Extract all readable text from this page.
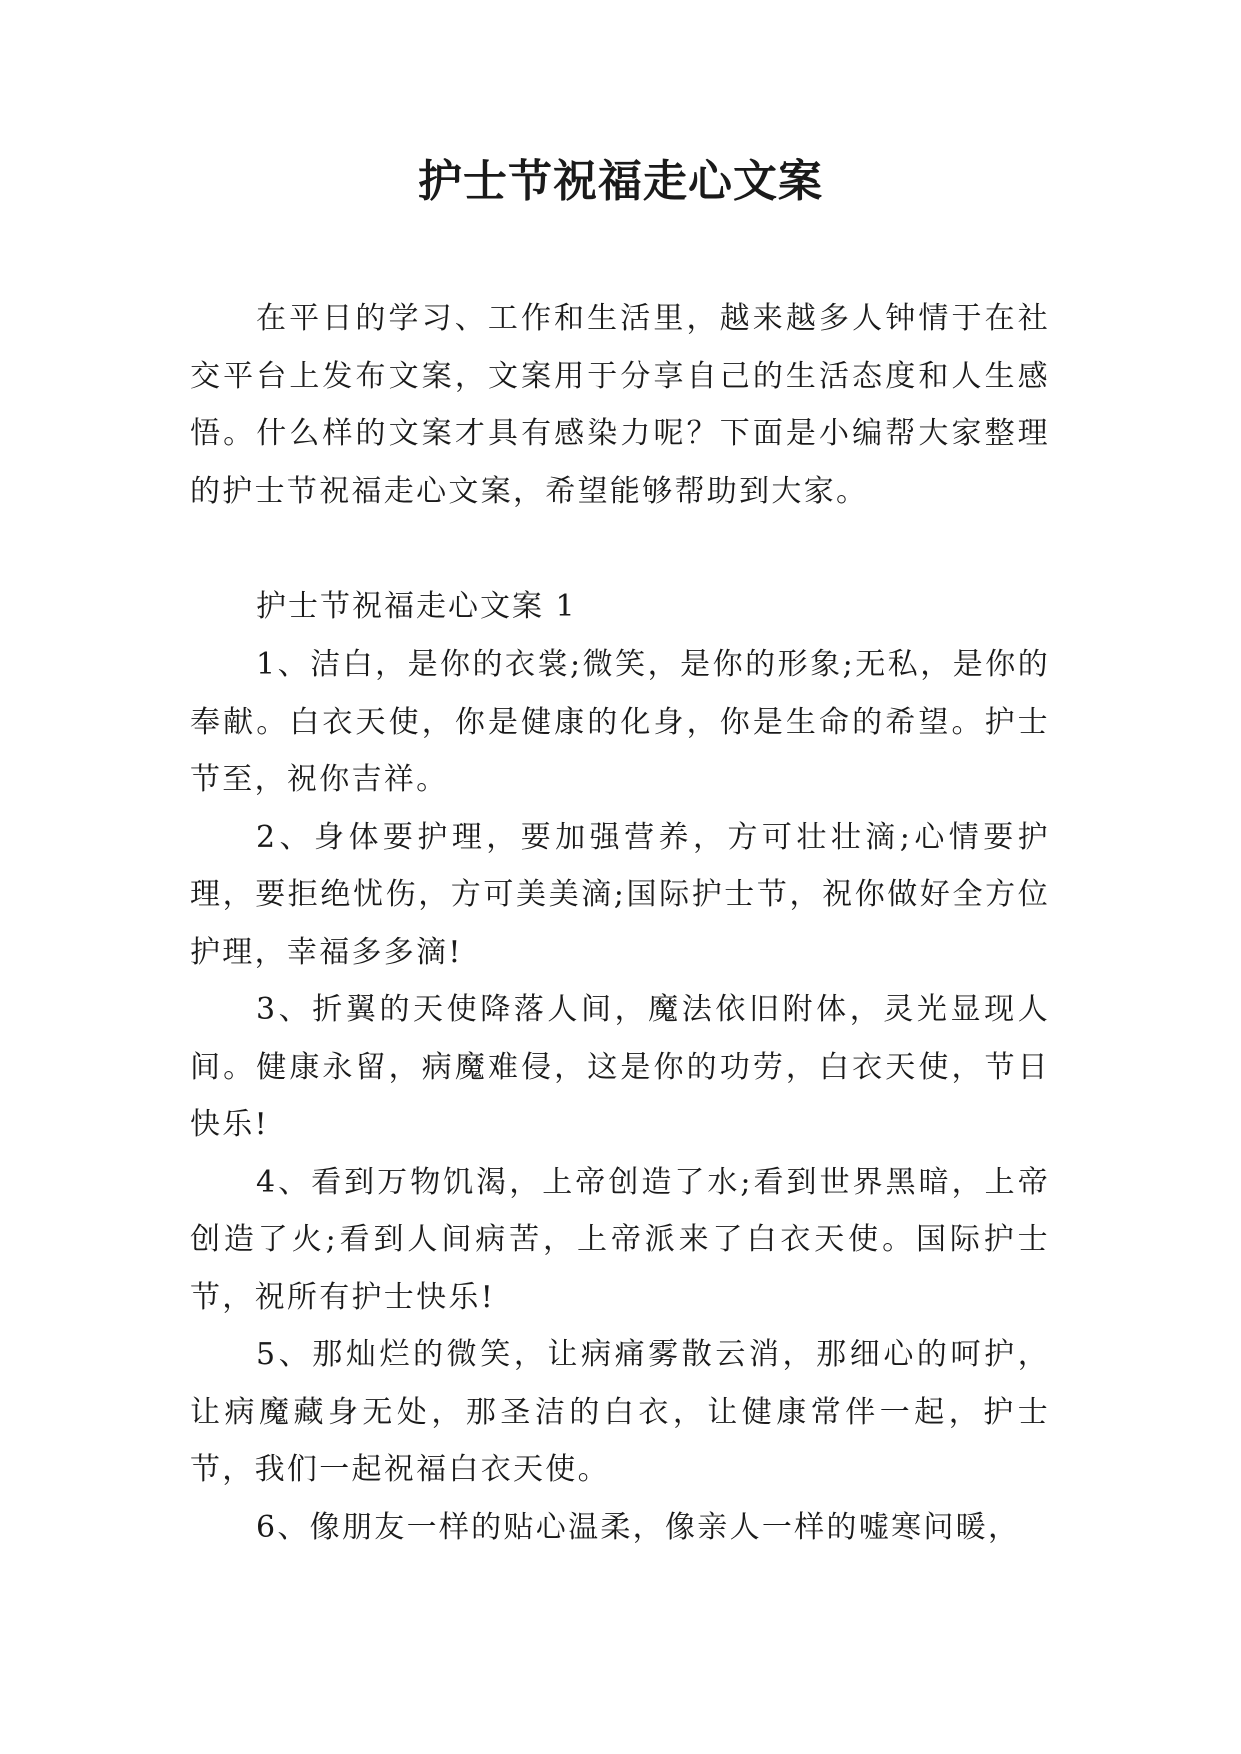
护士节祝福走心文案

在平日的学习、工作和生活里，越来越多人钟情于在社交平台上发布文案，文案用于分享自己的生活态度和人生感悟。什么样的文案才具有感染力呢？下面是小编帮大家整理的护士节祝福走心文案，希望能够帮助到大家。

护士节祝福走心文案 1

1、洁白，是你的衣裳;微笑，是你的形象;无私，是你的奉献。白衣天使，你是健康的化身，你是生命的希望。护士节至，祝你吉祥。

2、身体要护理，要加强营养，方可壮壮滴;心情要护理，要拒绝忧伤，方可美美滴;国际护士节，祝你做好全方位护理，幸福多多滴!

3、折翼的天使降落人间，魔法依旧附体，灵光显现人间。健康永留，病魔难侵，这是你的功劳，白衣天使，节日快乐!

4、看到万物饥渴，上帝创造了水;看到世界黑暗，上帝创造了火;看到人间病苦，上帝派来了白衣天使。国际护士节，祝所有护士快乐!

5、那灿烂的微笑，让病痛雾散云消，那细心的呵护，让病魔藏身无处，那圣洁的白衣，让健康常伴一起，护士节，我们一起祝福白衣天使。

6、像朋友一样的贴心温柔，像亲人一样的嘘寒问暖，
